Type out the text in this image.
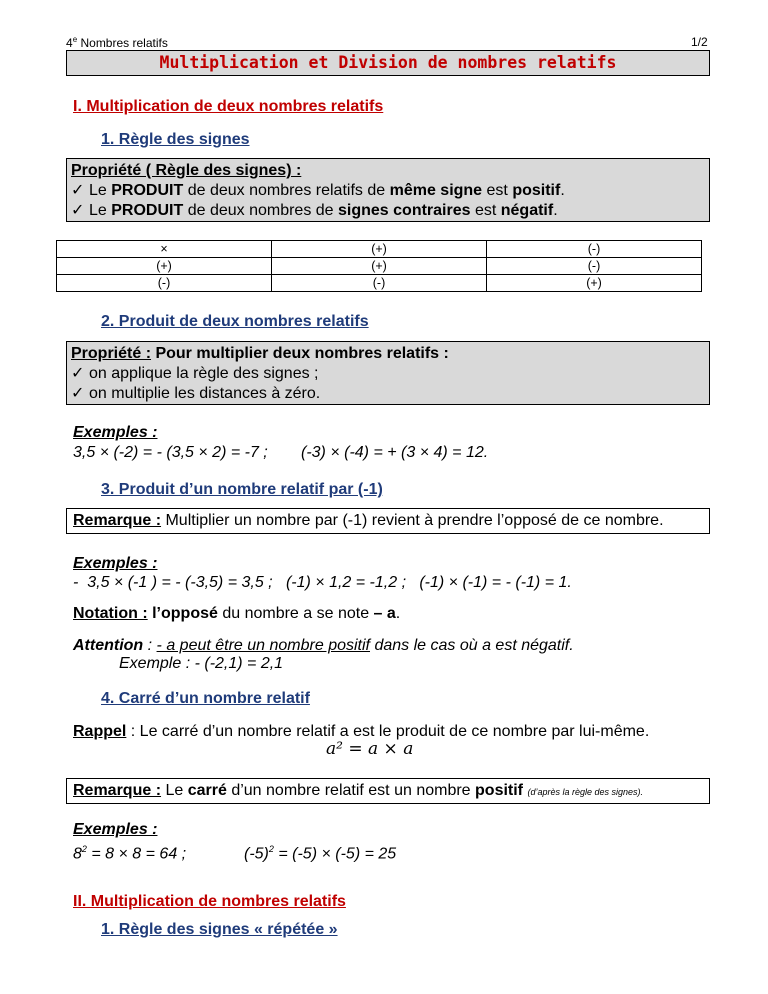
4e Nombres relatifs	1/2
Multiplication et Division de nombres relatifs
I. Multiplication de deux nombres relatifs
1. Règle des signes
Propriété ( Règle des signes) :
✓ Le PRODUIT de deux nombres relatifs de même signe est positif.
✓ Le PRODUIT de deux nombres de signes contraires est négatif.
×	(+)	(-)
(+)	(+)	(-)
(-)	(-)	(+)
2. Produit de deux nombres relatifs
Propriété : Pour multiplier deux nombres relatifs :
✓ on applique la règle des signes ;
✓ on multiplie les distances à zéro.
Exemples :
3,5 × (-2) = - (3,5 × 2) = -7 ; (-3) × (-4) = + (3 × 4) = 12.
3. Produit d’un nombre relatif par (-1)
Remarque : Multiplier un nombre par (-1) revient à prendre l’opposé de ce nombre.
Exemples :
-  3,5 × (-1 ) = - (-3,5) = 3,5 ;   (-1) × 1,2 = -1,2 ;   (-1) × (-1) = - (-1) = 1.
Notation : l’opposé du nombre a se note – a.
Attention : - a peut être un nombre positif dans le cas où a est négatif.
Exemple : - (-2,1) = 2,1
4. Carré d’un nombre relatif
Rappel : Le carré d’un nombre relatif a est le produit de ce nombre par lui-même.
a² = a × a
Remarque : Le carré d’un nombre relatif est un nombre positif (d’après la règle des signes).
Exemples :
$8^2 = 8 \times 8 = 64$ ;	$(-5)^2 = (-5) \times (-5) = 25$
II. Multiplication de nombres relatifs
1. Règle des signes « répétée »
